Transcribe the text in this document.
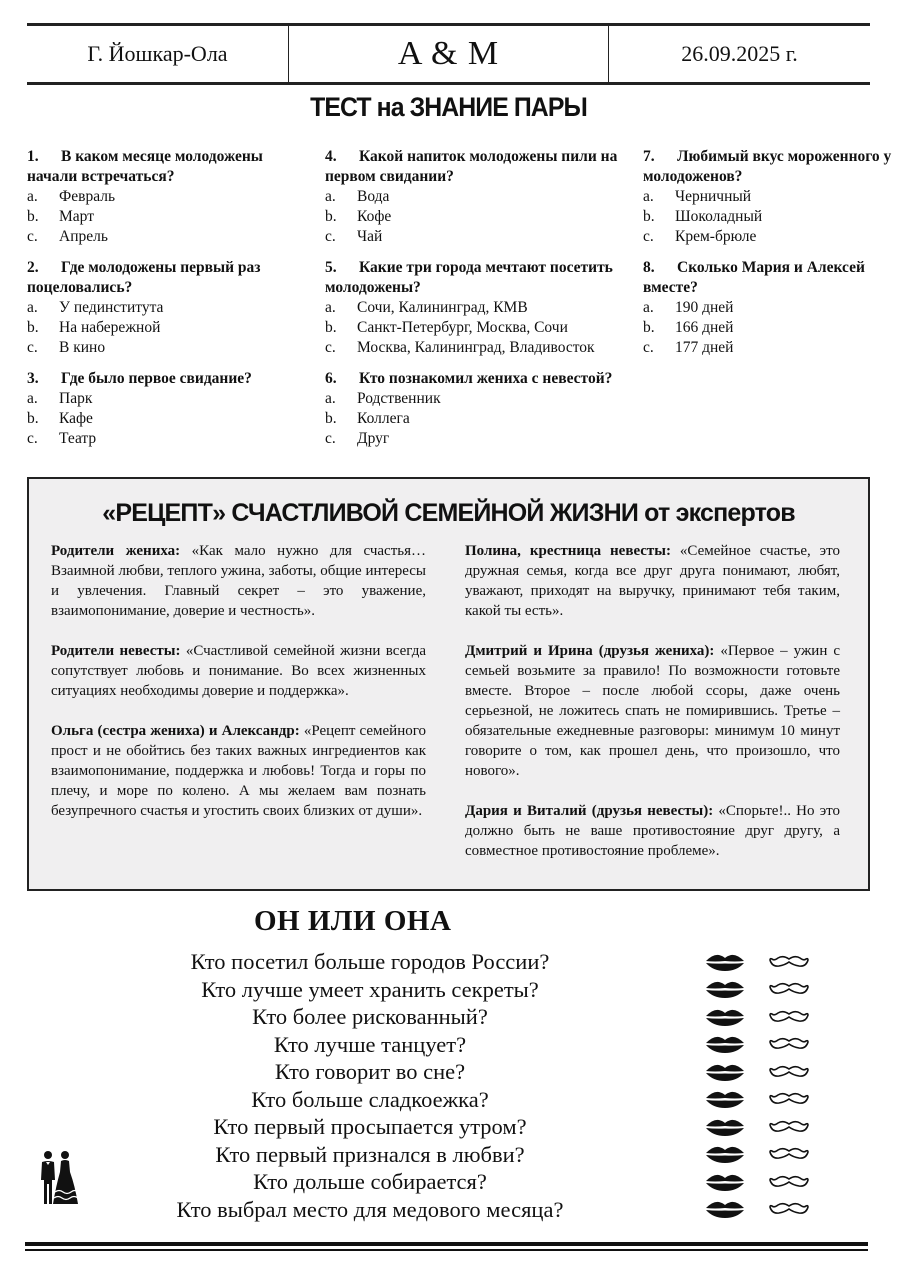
Г. Йошкар-Ола	A & M	26.09.2025 г.
ТЕСТ на ЗНАНИЕ ПАРЫ
1. В каком месяце молодожены начали встречаться?
a.	Февраль
b.	Март
c.	Апрель
2. Где молодожены первый раз поцеловались?
a.	У пединститута
b.	На набережной
c.	В кино
3. Где было первое свидание?
a.	Парк
b.	Кафе
c.	Театр
4. Какой напиток молодожены пили на первом свидании?
a.	Вода
b.	Кофе
c.	Чай
5. Какие три города мечтают посетить молодожены?
a.	Сочи, Калининград, КМВ
b.	Санкт-Петербург, Москва, Сочи
c.	Москва, Калининград, Владивосток
6. Кто познакомил жениха с невестой?
a.	Родственник
b.	Коллега
c.	Друг
7. Любимый вкус мороженного у молодоженов?
a.	Черничный
b.	Шоколадный
c.	Крем-брюле
8. Сколько Мария и Алексей вместе?
a.	190 дней
b.	166 дней
c.	177 дней
«РЕЦЕПТ» СЧАСТЛИВОЙ СЕМЕЙНОЙ ЖИЗНИ от экспертов
Родители жениха: «Как мало нужно для счастья… Взаимной любви, теплого ужина, заботы, общие интересы и увлечения. Главный секрет – это уважение, взаимопонимание, доверие и честность».
Родители невесты: «Счастливой семейной жизни всегда сопутствует любовь и понимание. Во всех жизненных ситуациях необходимы доверие и поддержка».
Ольга (сестра жениха) и Александр: «Рецепт семейного прост и не обойтись без таких важных ингредиентов как взаимопонимание, поддержка и любовь! Тогда и горы по плечу, и море по колено. А мы желаем вам познать безупречного счастья и угостить своих близких от души».
Полина, крестница невесты: «Семейное счастье, это дружная семья, когда все друг друга понимают, любят, уважают, приходят на выручку, принимают тебя таким, какой ты есть».
Дмитрий и Ирина (друзья жениха): «Первое – ужин с семьей возьмите за правило! По возможности готовьте вместе. Второе – после любой ссоры, даже очень серьезной, не ложитесь спать не помирившись. Третье – обязательные ежедневные разговоры: минимум 10 минут говорите о том, как прошел день, что произошло, что нового».
Дария и Виталий (друзья невесты): «Спорьте!.. Но это должно быть не ваше противостояние друг другу, а совместное противостояние проблеме».
ОН ИЛИ ОНА
Кто посетил больше городов России?
Кто лучше умеет хранить секреты?
Кто более рискованный?
Кто лучше танцует?
Кто говорит во сне?
Кто больше сладкоежка?
Кто первый просыпается утром?
Кто первый признался в любви?
Кто дольше собирается?
Кто выбрал место для медового месяца?
